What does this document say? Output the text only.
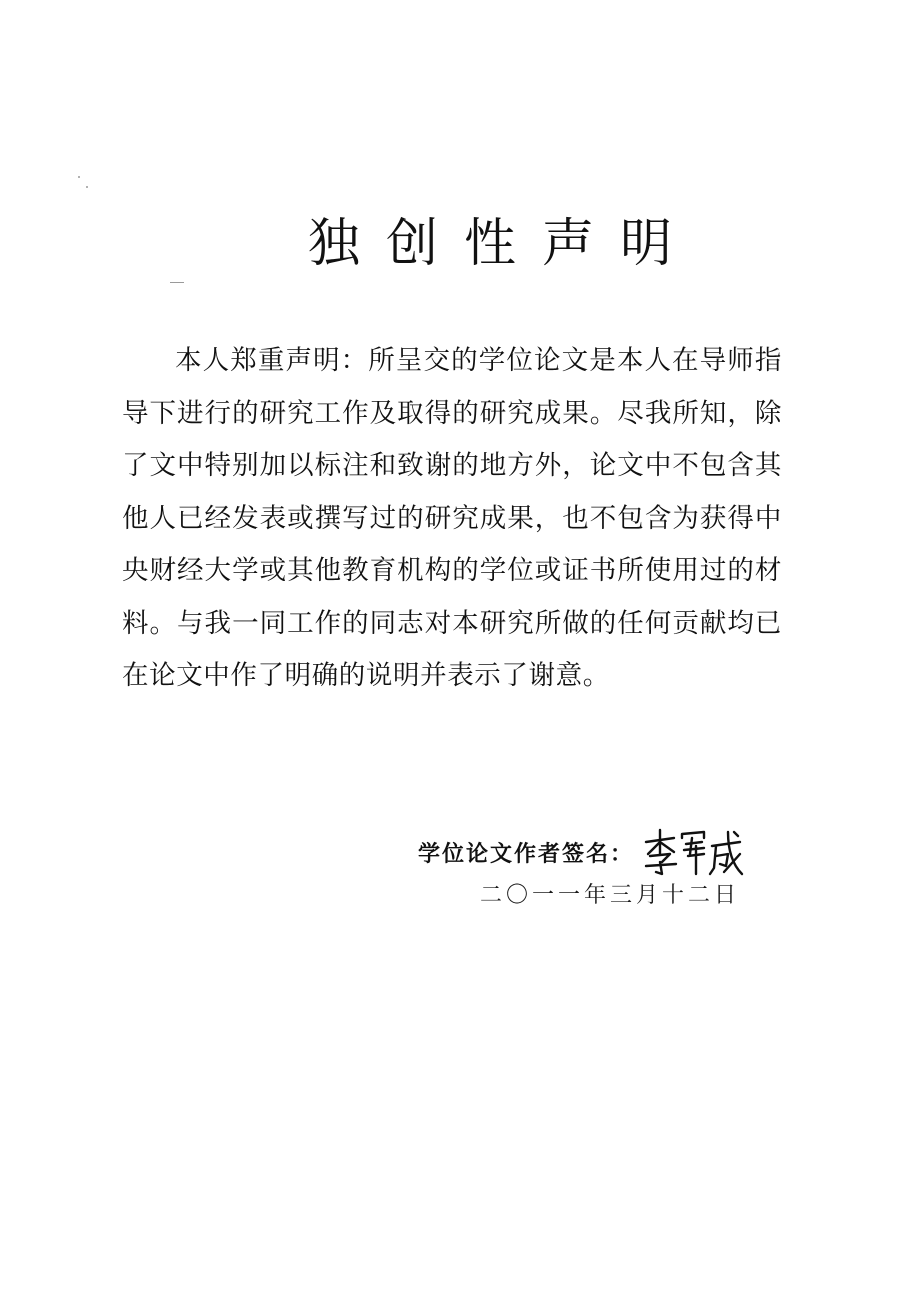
独创性声明

本人郑重声明：所呈交的学位论文是本人在导师指导下进行的研究工作及取得的研究成果。尽我所知，除了文中特别加以标注和致谢的地方外，论文中不包含其他人已经发表或撰写过的研究成果，也不包含为获得中央财经大学或其他教育机构的学位或证书所使用过的材料。与我一同工作的同志对本研究所做的任何贡献均已在论文中作了明确的说明并表示了谢意。

学位论文作者签名：
二〇一一年三月十二日
